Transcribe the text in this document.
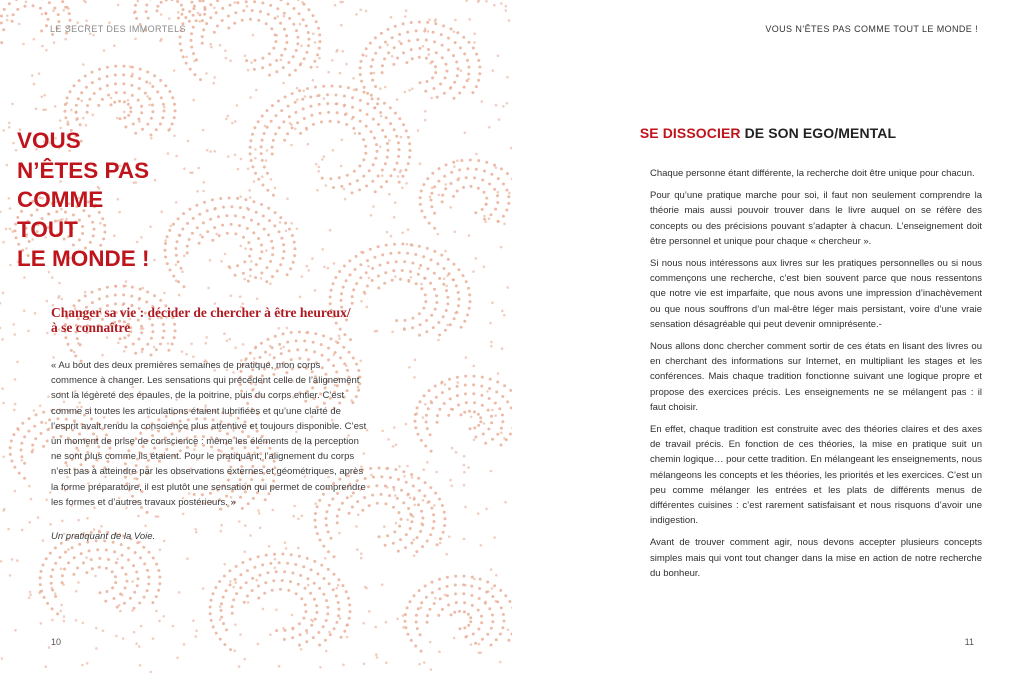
LE SECRET DES IMMORTELS
VOUS
N’ÊTES PAS
COMME
TOUT
LE MONDE !
Changer sa vie : décider de chercher à être heureux/à se connaître

« Au bout des deux premières semaines de pratique, mon corps commence à changer. Les sensations qui précèdent celle de l’alignement sont la légèreté des épaules, de la poitrine, puis du corps entier. C’est comme si toutes les articulations étaient lubrifiées et qu’une clarté de l’esprit avait rendu la conscience plus attentive et toujours disponible. C’est un moment de prise de conscience : même les éléments de la perception ne sont plus comme ils étaient. Pour le pratiquant, l’alignement du corps n’est pas à atteindre par les observations externes et géométriques, après la forme préparatoire, il est plutôt une sensation qui permet de comprendre les formes et d’autres travaux postérieurs. »

Un pratiquant de la Voie.
10
VOUS N’ÊTES PAS COMME TOUT LE MONDE !
SE DISSOCIER DE SON EGO/MENTAL

Chaque personne étant différente, la recherche doit être unique pour chacun.

Pour qu’une pratique marche pour soi, il faut non seulement comprendre la théorie mais aussi pouvoir trouver dans le livre auquel on se réfère des concepts ou des précisions pouvant s’adapter à chacun. L’enseignement doit être personnel et unique pour chaque « chercheur ».

Si nous nous intéressons aux livres sur les pratiques personnelles ou si nous commençons une recherche, c’est bien souvent parce que nous ressentons que notre vie est imparfaite, que nous avons une impression d’inachèvement ou que nous souffrons d’un mal-être léger mais persistant, voire d’une vraie sensation désagréable qui peut devenir omniprésente.-

Nous allons donc chercher comment sortir de ces états en lisant des livres ou en cherchant des informations sur Internet, en multipliant les stages et les conférences. Mais chaque tradition fonctionne suivant une logique propre et propose des exercices précis. Les enseignements ne se mélangent pas : il faut choisir.

En effet, chaque tradition est construite avec des théories claires et des axes de travail précis. En fonction de ces théories, la mise en pratique suit un chemin logique… pour cette tradition. En mélangeant les enseignements, nous mélangeons les concepts et les théories, les priorités et les exercices. C’est un peu comme mélanger les entrées et les plats de différents menus de différentes cuisines : c’est rarement satisfaisant et nous risquons d’avoir une indigestion.

Avant de trouver comment agir, nous devons accepter plusieurs concepts simples mais qui vont tout changer dans la mise en action de notre recherche du bonheur.

11
